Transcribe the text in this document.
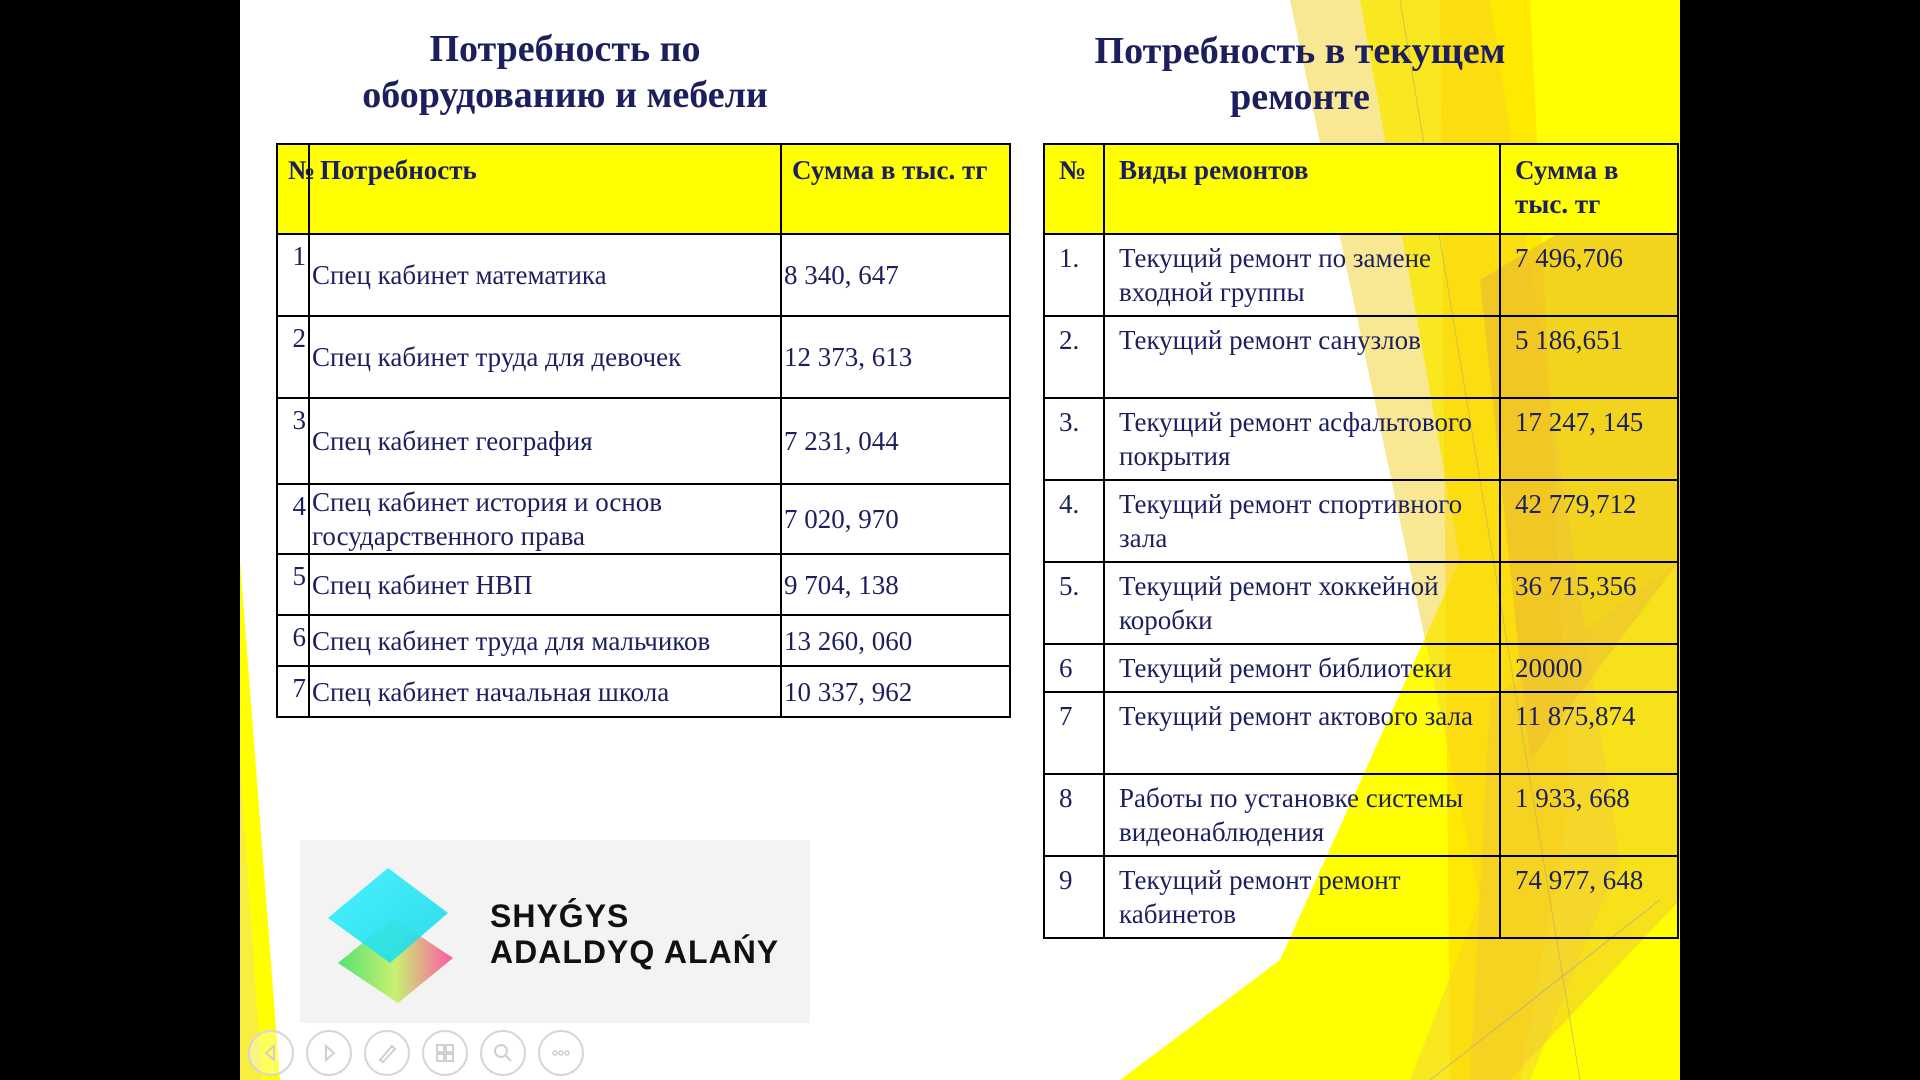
Потребность по
оборудованию и мебели
Потребность в текущем
ремонте
№	Потребность	Сумма в тыс. тг
1	Спец кабинет математика	8 340, 647
2	Спец кабинет труда для девочек	12 373, 613
3	Спец кабинет география	7 231, 044
4	Спец кабинет история и основ государственного права	7 020, 970
5	Спец кабинет НВП	9 704, 138
6	Спец кабинет труда для мальчиков	13 260, 060
7	Спец кабинет начальная школа	10 337, 962
№	Виды ремонтов	Сумма в тыс. тг
1.	Текущий ремонт по замене входной группы	7 496,706
2.	Текущий ремонт санузлов	5 186,651
3.	Текущий ремонт асфальтового покрытия	17 247, 145
4.	Текущий ремонт спортивного зала	42 779,712
5.	Текущий ремонт хоккейной коробки	36 715,356
6	Текущий ремонт библиотеки	20000
7	Текущий ремонт актового зала	11 875,874
8	Работы по установке системы видеонаблюдения	1 933, 668
9	Текущий ремонт ремонт кабинетов	74 977, 648
SHYǴYS
ADALDYQ ALAŃY
